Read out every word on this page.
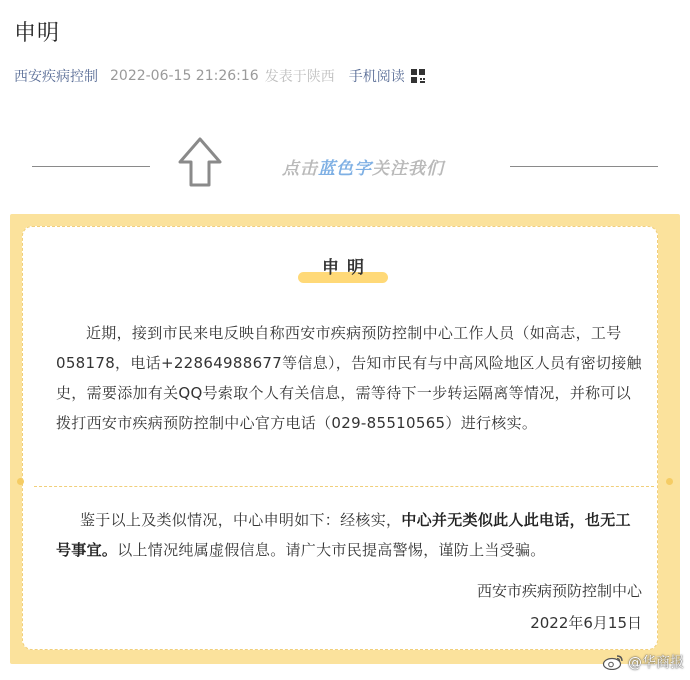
申明
西安疾病控制 2022-06-15 21:26:16 发表于陕西 手机阅读
点击蓝色字关注我们
申明
近期，接到市民来电反映自称西安市疾病预防控制中心工作人员（如高志，工号058178，电话+22864988677等信息），告知市民有与中高风险地区人员有密切接触史，需要添加有关QQ号索取个人有关信息，需等待下一步转运隔离等情况，并称可以拨打西安市疾病预防控制中心官方电话（029-85510565）进行核实。
鉴于以上及类似情况，中心申明如下：经核实，中心并无类似此人此电话，也无工号事宜。以上情况纯属虚假信息。请广大市民提高警惕，谨防上当受骗。
西安市疾病预防控制中心
2022年6月15日
@华商报
